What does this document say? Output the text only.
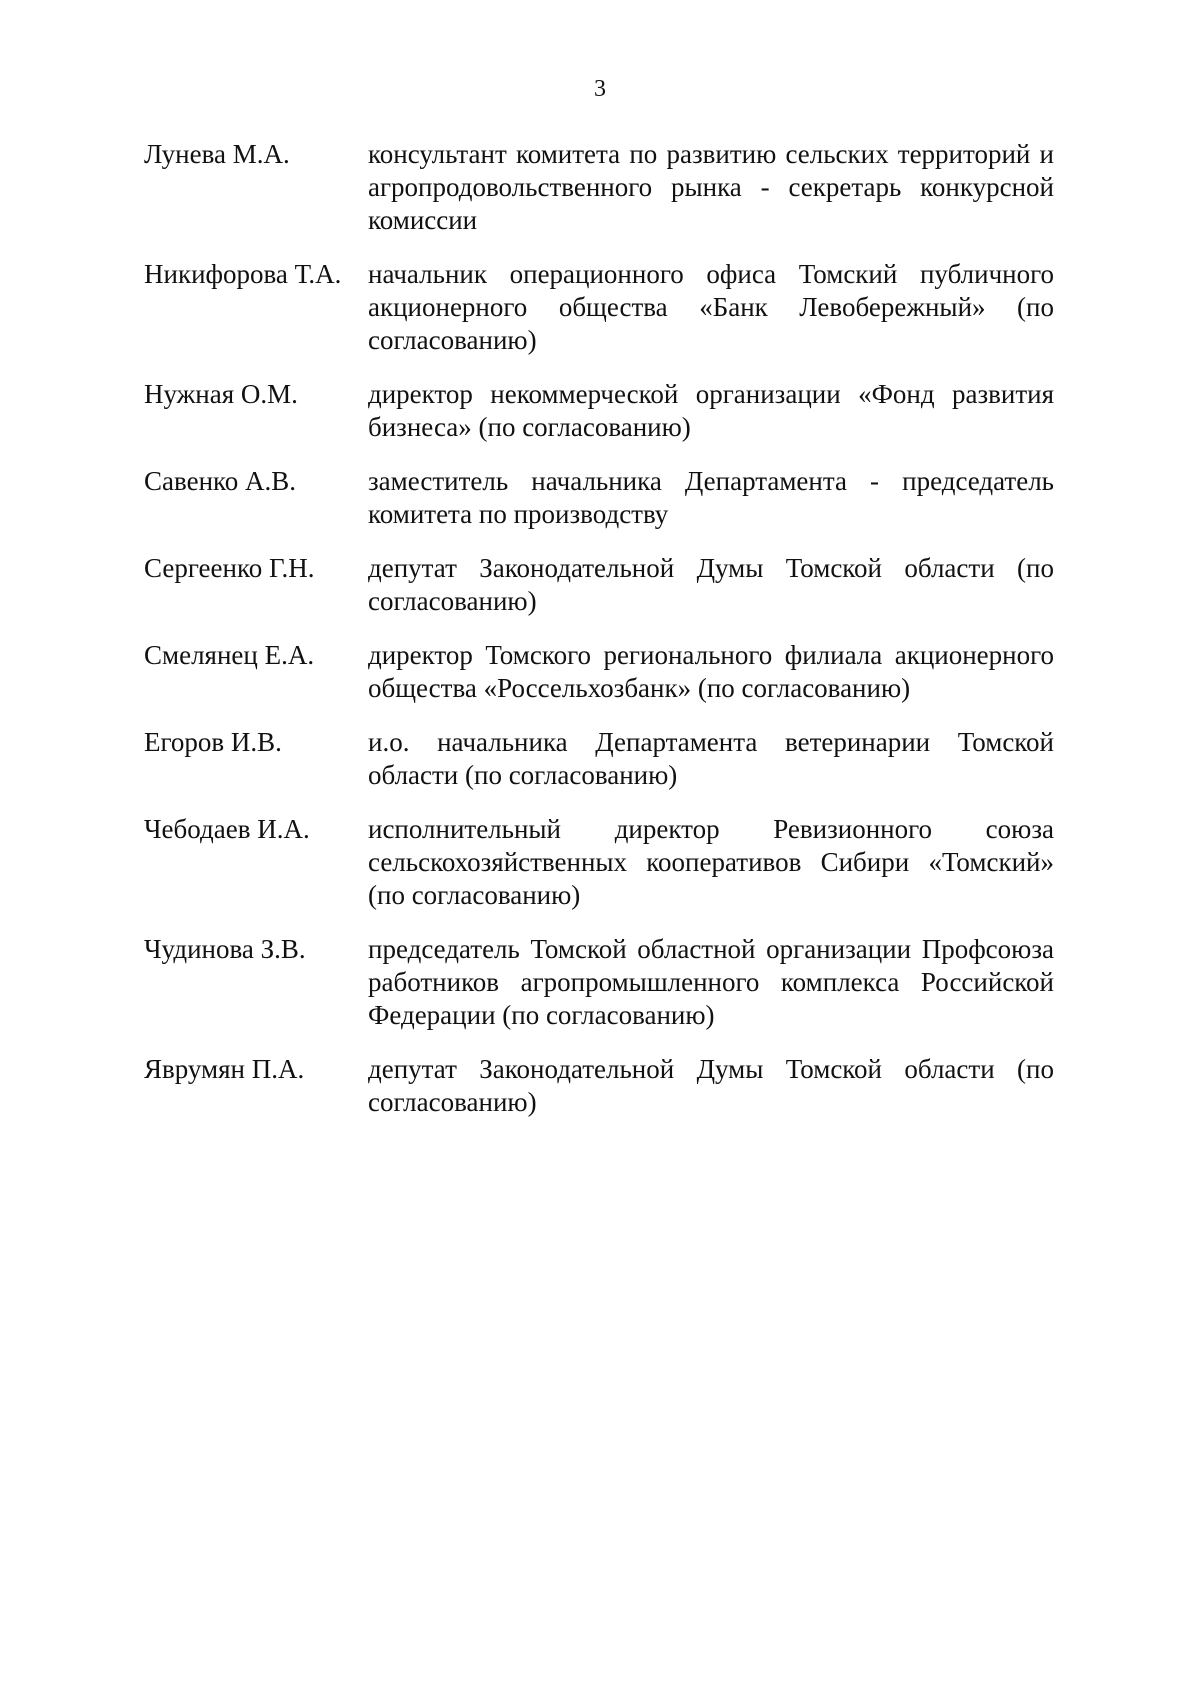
3
Лунева М.А.	консультант комитета по развитию сельских территорий и агропродовольственного рынка - секретарь конкурсной комиссии
Никифорова Т.А. начальник операционного офиса Томский публичного акционерного общества «Банк Левобережный» (по согласованию)
Нужная О.М.	директор некоммерческой организации «Фонд развития бизнеса» (по согласованию)
Савенко А.В.	заместитель начальника Департамента - председатель комитета по производству
Сергеенко Г.Н.	депутат Законодательной Думы Томской области (по согласованию)
Смелянец Е.А.	директор Томского регионального филиала акционерного общества «Россельхозбанк» (по согласованию)
Егоров И.В.	и.о. начальника Департамента ветеринарии Томской области (по согласованию)
Чебодаев И.А.	исполнительный директор Ревизионного союза сельскохозяйственных кооперативов Сибири «Томский» (по согласованию)
Чудинова З.В.	председатель Томской областной организации Профсоюза работников агропромышленного комплекса Российской Федерации (по согласованию)
Яврумян П.А.	депутат Законодательной Думы Томской области (по согласованию)
